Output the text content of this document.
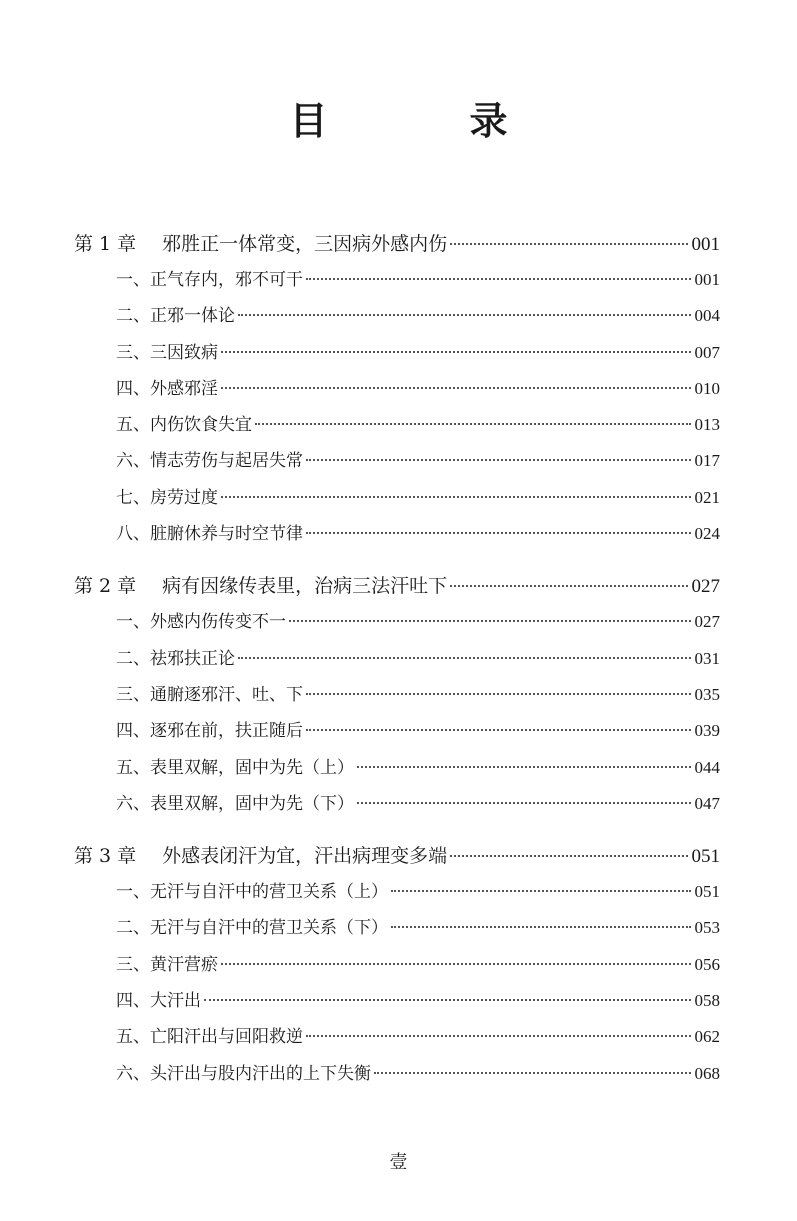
目　录
第 1 章 邪胜正一体常变，三因病外感内伤	001
一、正气存内，邪不可干	001
二、正邪一体论	004
三、三因致病	007
四、外感邪淫	010
五、内伤饮食失宜	013
六、情志劳伤与起居失常	017
七、房劳过度	021
八、脏腑休养与时空节律	024
第 2 章 病有因缘传表里，治病三法汗吐下	027
一、外感内伤传变不一	027
二、祛邪扶正论	031
三、通腑逐邪汗、吐、下	035
四、逐邪在前，扶正随后	039
五、表里双解，固中为先（上）	044
六、表里双解，固中为先（下）	047
第 3 章 外感表闭汗为宜，汗出病理变多端	051
一、无汗与自汗中的营卫关系（上）	051
二、无汗与自汗中的营卫关系（下）	053
三、黄汗营瘀	056
四、大汗出	058
五、亡阳汗出与回阳救逆	062
六、头汗出与股内汗出的上下失衡	068
壹
